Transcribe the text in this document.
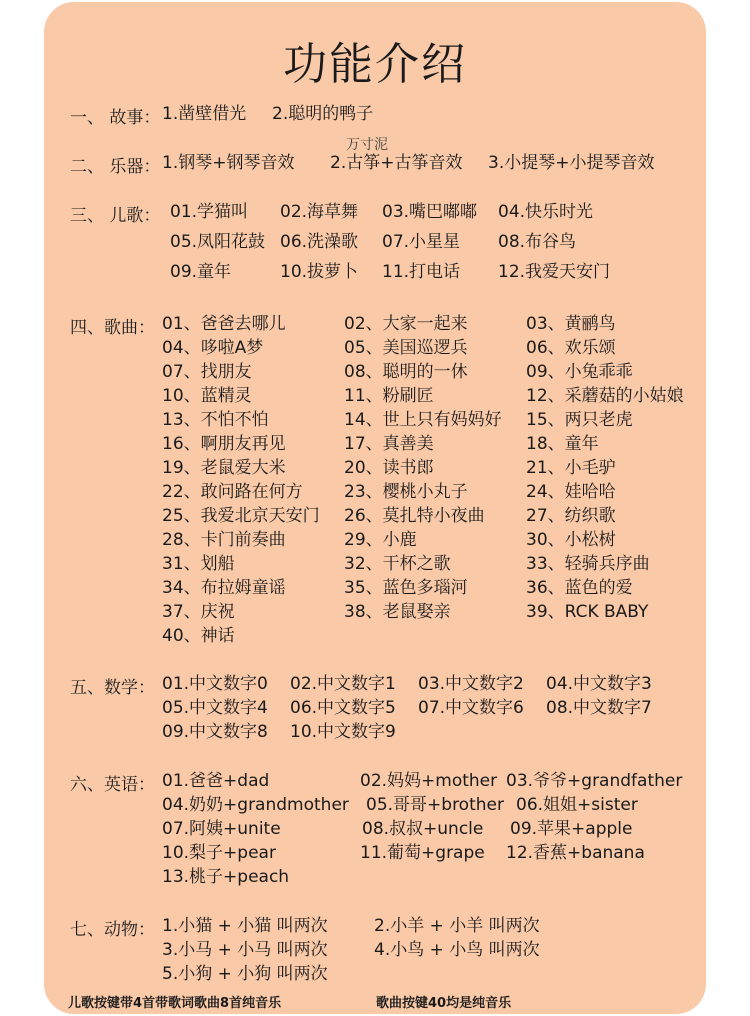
功能介绍
一、 故事： 1.凿壁借光 2.聪明的鸭子
万寸泥
二、 乐器： 1.钢琴+钢琴音效 2.古筝+古筝音效 3.小提琴+小提琴音效
三、 儿歌： 01.学猫叫 02.海草舞 03.嘴巴嘟嘟 04.快乐时光
05.凤阳花鼓 06.洗澡歌 07.小星星 08.布谷鸟
09.童年	10.拔萝卜 11.打电话 12.我爱天安门
四、歌曲： 01、爸爸去哪儿	02、大家一起来	03、黄鹂鸟
04、哆啦A梦	05、美国巡逻兵	06、欢乐颂
07、找朋友	08、聪明的一休	09、小兔乖乖
10、蓝精灵	11、粉刷匠	12、采蘑菇的小姑娘
13、不怕不怕	14、世上只有妈妈好 15、两只老虎
16、啊朋友再见	17、真善美	18、童年
19、老鼠爱大米	20、读书郎	21、小毛驴
22、敢问路在何方 23、樱桃小丸子	24、娃哈哈
25、我爱北京天安门 26、莫扎特小夜曲 27、纺织歌
28、卡门前奏曲	29、小鹿	30、小松树
31、划船	32、干杯之歌	33、轻骑兵序曲
34、布拉姆童谣	35、蓝色多瑙河	36、蓝色的爱
37、庆祝	38、老鼠娶亲	39、RCK BABY
40、神话
五、数学： 01.中文数字0 02.中文数字1 03.中文数字2 04.中文数字3
05.中文数字4 06.中文数字5 07.中文数字6 08.中文数字7
09.中文数字8 10.中文数字9
六、英语： 01.爸爸+dad	02.妈妈+mother 03.爷爷+grandfather
04.奶奶+grandmother 05.哥哥+brother 06.姐姐+sister
07.阿姨+unite	08.叔叔+uncle 09.苹果+apple
10.梨子+pear	11.葡萄+grape 12.香蕉+banana
13.桃子+peach
七、动物： 1.小猫 + 小猫 叫两次	2.小羊 + 小羊 叫两次
3.小马 + 小马 叫两次	4.小鸟 + 小鸟 叫两次
5.小狗 + 小狗 叫两次
儿歌按键带4首带歌词歌曲8首纯音乐	歌曲按键40均是纯音乐
